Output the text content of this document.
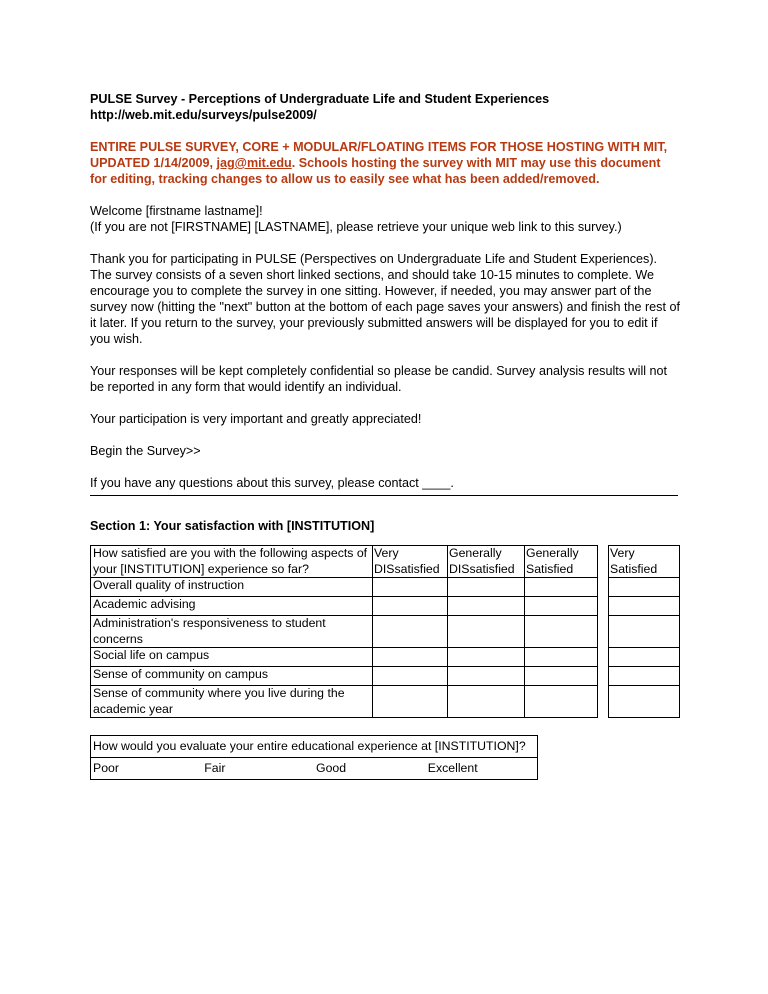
PULSE Survey - Perceptions of Undergraduate Life and Student Experiences

http://web.mit.edu/surveys/pulse2009/

ENTIRE PULSE SURVEY, CORE + MODULAR/FLOATING ITEMS FOR THOSE HOSTING WITH MIT, UPDATED 1/14/2009, jag@mit.edu. Schools hosting the survey with MIT may use this document for editing, tracking changes to allow us to easily see what has been added/removed.

Welcome [firstname lastname]!

(If you are not [FIRSTNAME] [LASTNAME], please retrieve your unique web link to this survey.)

Thank you for participating in PULSE (Perspectives on Undergraduate Life and Student Experiences). The survey consists of a seven short linked sections, and should take 10-15 minutes to complete. We encourage you to complete the survey in one sitting. However, if needed, you may answer part of the survey now (hitting the "next" button at the bottom of each page saves your answers) and finish the rest of it later. If you return to the survey, your previously submitted answers will be displayed for you to edit if you wish.

Your responses will be kept completely confidential so please be candid. Survey analysis results will not be reported in any form that would identify an individual.

Your participation is very important and greatly appreciated!

Begin the Survey>>

If you have any questions about this survey, please contact ____.

Section 1: Your satisfaction with [INSTITUTION]

How satisfied are you with the following aspects of your [INSTITUTION] experience so far?	Very DISsatisfied	Generally DISsatisfied	Generally Satisfied		Very Satisfied
Overall quality of instruction					
Academic advising					
Administration's responsiveness to student concerns					
Social life on campus					
Sense of community on campus					
Sense of community where you live during the academic year					
How would you evaluate your entire educational experience at [INSTITUTION]?
Poor	Fair	Good	Excellent
